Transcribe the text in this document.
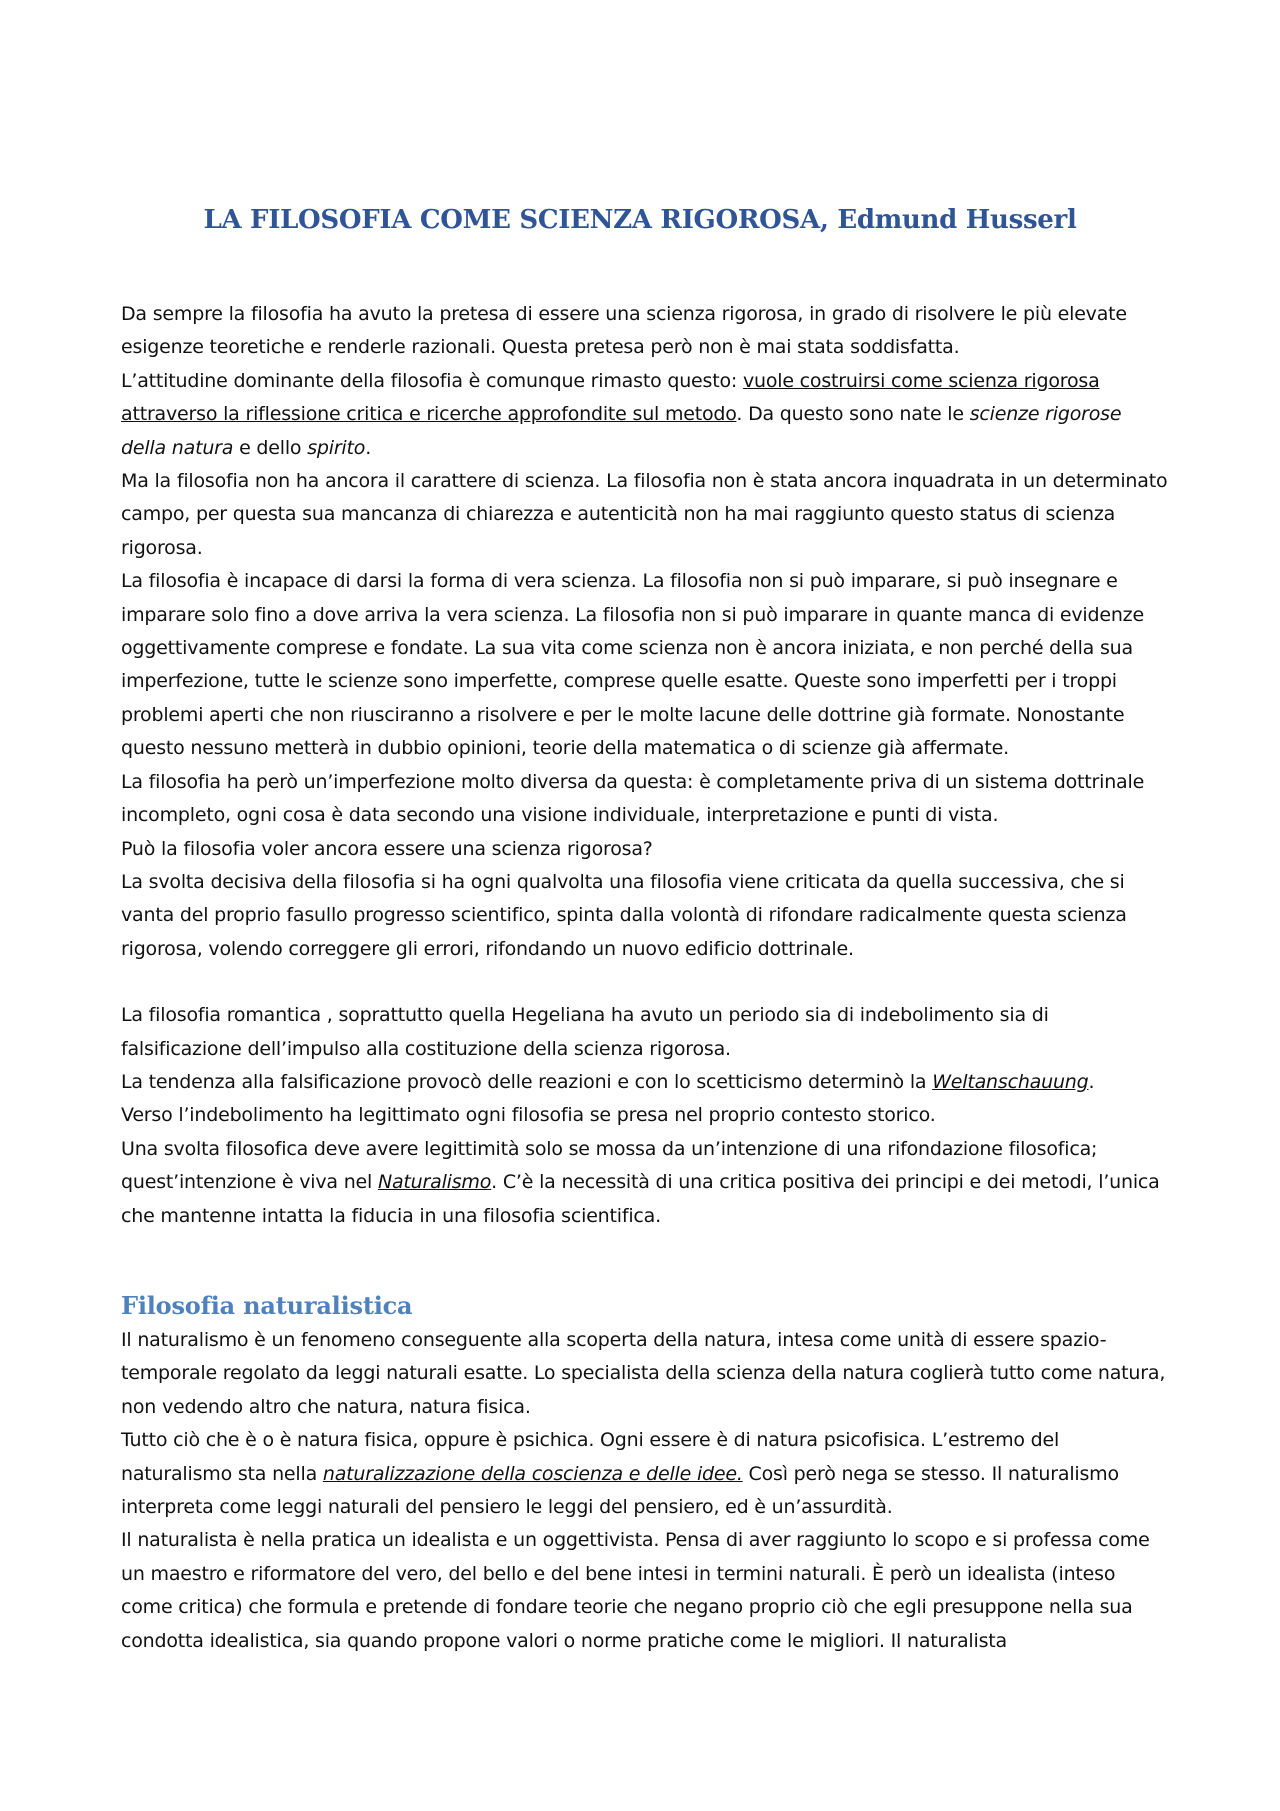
LA FILOSOFIA COME SCIENZA RIGOROSA, Edmund Husserl

Da sempre la filosofia ha avuto la pretesa di essere una scienza rigorosa, in grado di risolvere le più elevate esigenze teoretiche e renderle razionali. Questa pretesa però non è mai stata soddisfatta.

L’attitudine dominante della filosofia è comunque rimasto questo: vuole costruirsi come scienza rigorosa attraverso la riflessione critica e ricerche approfondite sul metodo. Da questo sono nate le scienze rigorose della natura e dello spirito.

Ma la filosofia non ha ancora il carattere di scienza. La filosofia non è stata ancora inquadrata in un determinato campo, per questa sua mancanza di chiarezza e autenticità non ha mai raggiunto questo status di scienza rigorosa.

La filosofia è incapace di darsi la forma di vera scienza. La filosofia non si può imparare, si può insegnare e imparare solo fino a dove arriva la vera scienza. La filosofia non si può imparare in quante manca di evidenze oggettivamente comprese e fondate. La sua vita come scienza non è ancora iniziata, e non perché della sua imperfezione, tutte le scienze sono imperfette, comprese quelle esatte. Queste sono imperfetti per i troppi problemi aperti che non riusciranno a risolvere e per le molte lacune delle dottrine già formate. Nonostante questo nessuno metterà in dubbio opinioni, teorie della matematica o di scienze già affermate.

La filosofia ha però un’imperfezione molto diversa da questa: è completamente priva di un sistema dottrinale incompleto, ogni cosa è data secondo una visione individuale, interpretazione e punti di vista.

Può la filosofia voler ancora essere una scienza rigorosa?

La svolta decisiva della filosofia si ha ogni qualvolta una filosofia viene criticata da quella successiva, che si vanta del proprio fasullo progresso scientifico, spinta dalla volontà di rifondare radicalmente questa scienza rigorosa, volendo correggere gli errori, rifondando un nuovo edificio dottrinale.

La filosofia romantica , soprattutto quella Hegeliana ha avuto un periodo sia di indebolimento sia di falsificazione dell’impulso alla costituzione della scienza rigorosa.

La tendenza alla falsificazione provocò delle reazioni e con lo scetticismo determinò la Weltanschauung.

Verso l’indebolimento ha legittimato ogni filosofia se presa nel proprio contesto storico.

Una svolta filosofica deve avere legittimità solo se mossa da un’intenzione di una rifondazione filosofica; quest’intenzione è viva nel Naturalismo. C’è la necessità di una critica positiva dei principi e dei metodi, l’unica che mantenne intatta la fiducia in una filosofia scientifica.

Filosofia naturalistica

Il naturalismo è un fenomeno conseguente alla scoperta della natura, intesa come unità di essere spazio-temporale regolato da leggi naturali esatte. Lo specialista della scienza della natura coglierà tutto come natura, non vedendo altro che natura, natura fisica.

Tutto ciò che è o è natura fisica, oppure è psichica. Ogni essere è di natura psicofisica. L’estremo del naturalismo sta nella naturalizzazione della coscienza e delle idee. Così però nega se stesso. Il naturalismo interpreta come leggi naturali del pensiero le leggi del pensiero, ed è un’assurdità.

Il naturalista è nella pratica un idealista e un oggettivista. Pensa di aver raggiunto lo scopo e si professa come un maestro e riformatore del vero, del bello e del bene intesi in termini naturali. È però un idealista (inteso come critica) che formula e pretende di fondare teorie che negano proprio ciò che egli presuppone nella sua condotta idealistica, sia quando propone valori o norme pratiche come le migliori. Il naturalista
